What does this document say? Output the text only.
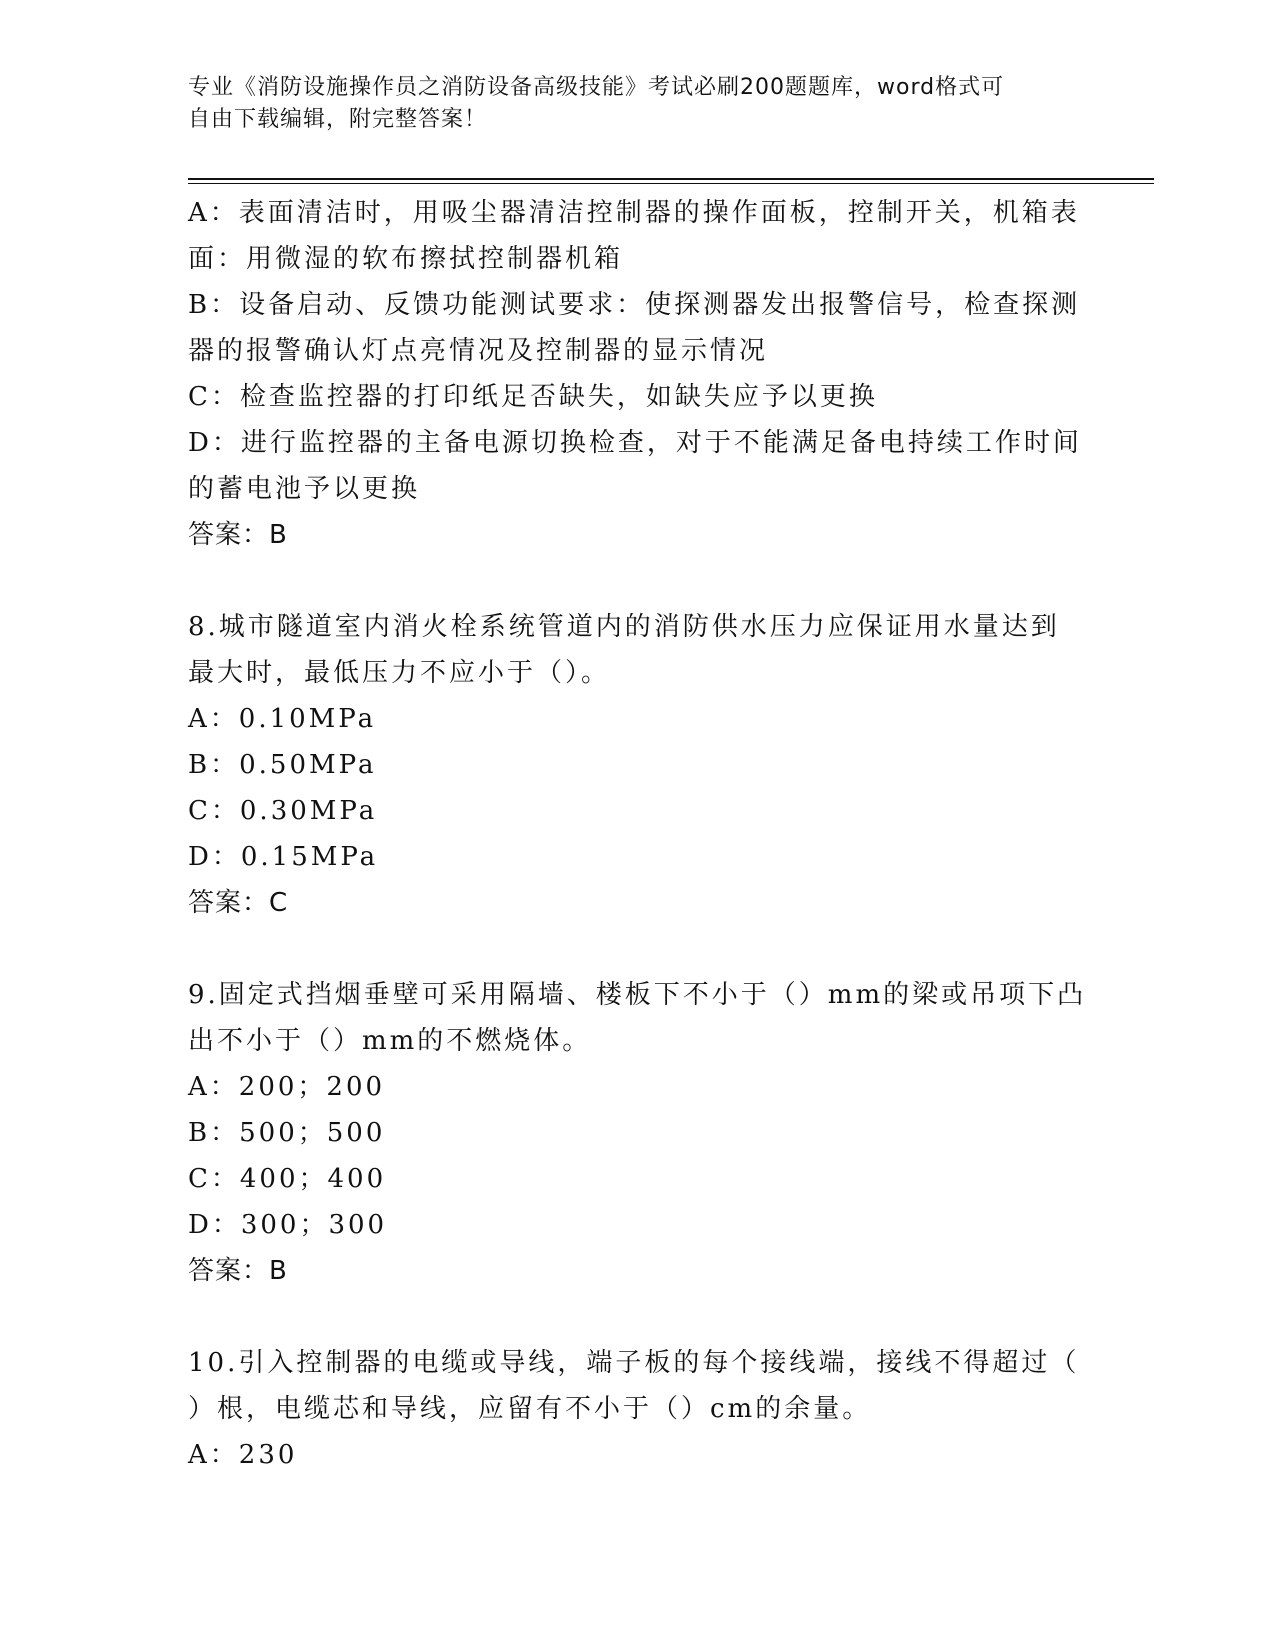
专业《消防设施操作员之消防设备高级技能》考试必刷200题题库，word格式可
自由下载编辑，附完整答案！
A：表面清洁时，用吸尘器清洁控制器的操作面板，控制开关，机箱表
面：用微湿的软布擦拭控制器机箱
B：设备启动、反馈功能测试要求：使探测器发出报警信号，检查探测
器的报警确认灯点亮情况及控制器的显示情况
C：检查监控器的打印纸足否缺失，如缺失应予以更换
D：进行监控器的主备电源切换检查，对于不能满足备电持续工作时间
的蓄电池予以更换
答案：B
8.城市隧道室内消火栓系统管道内的消防供水压力应保证用水量达到
最大时，最低压力不应小于（）。
A：0.10MPa
B：0.50MPa
C：0.30MPa
D：0.15MPa
答案：C
9.固定式挡烟垂壁可采用隔墙、楼板下不小于（）mm的梁或吊项下凸
出不小于（）mm的不燃烧体。
A：200；200
B：500；500
C：400；400
D：300；300
答案：B
10.引入控制器的电缆或导线，端子板的每个接线端，接线不得超过（
）根，电缆芯和导线，应留有不小于（）cm的余量。
A：230
